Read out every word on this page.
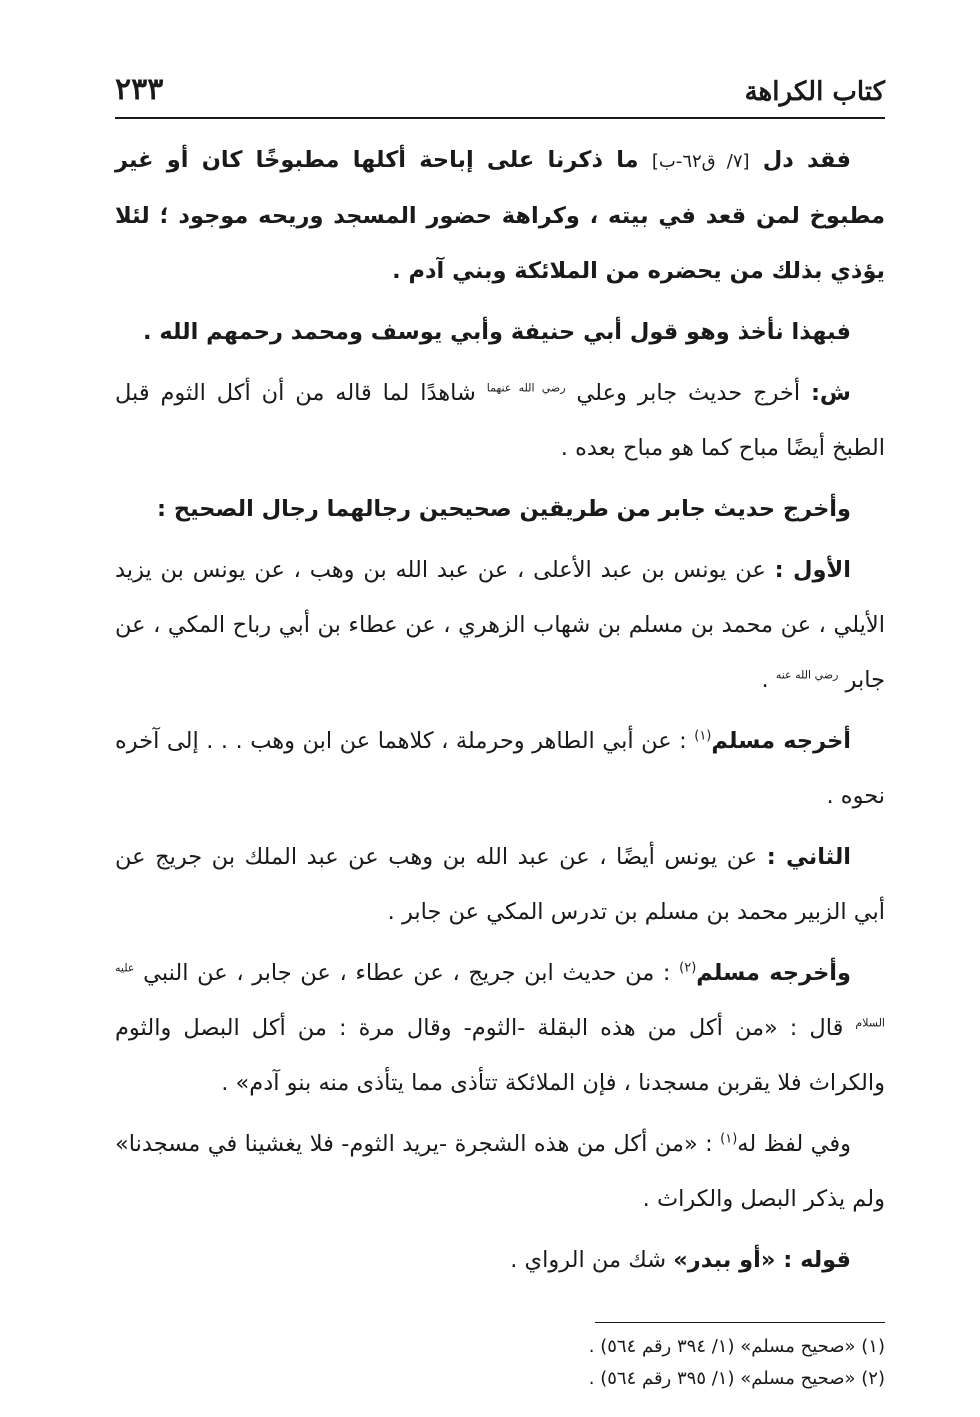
كتاب الكراهة
٢٣٣

فقد دل [٧/ ق٦٢-ب] ما ذكرنا على إباحة أكلها مطبوخًا كان أو غير مطبوخ لمن قعد في بيته ، وكراهة حضور المسجد وريحه موجود ؛ لئلا يؤذي بذلك من يحضره من الملائكة وبني آدم .

فبهذا نأخذ وهو قول أبي حنيفة وأبي يوسف ومحمد رحمهم الله .

ش: أخرج حديث جابر وعلي $^{رضي الله عنهما}$ شاهدًا لما قاله من أن أكل الثوم قبل الطبخ أيضًا مباح كما هو مباح بعده .

وأخرج حديث جابر من طريقين صحيحين رجالهما رجال الصحيح :

الأول : عن يونس بن عبد الأعلى ، عن عبد الله بن وهب ، عن يونس بن يزيد الأيلي ، عن محمد بن مسلم بن شهاب الزهري ، عن عطاء بن أبي رباح المكي ، عن جابر $^{رضي الله عنه}$ .

أخرجه مسلم$^{(١)}$ : عن أبي الطاهر وحرملة ، كلاهما عن ابن وهب . . . إلى آخره نحوه .

الثاني : عن يونس أيضًا ، عن عبد الله بن وهب عن عبد الملك بن جريج عن أبي الزبير محمد بن مسلم بن تدرس المكي عن جابر .

وأخرجه مسلم$^{(٢)}$ : من حديث ابن جريج ، عن عطاء ، عن جابر ، عن النبي $^{عليه السلام}$ قال : «من أكل من هذه البقلة -الثوم- وقال مرة : من أكل البصل والثوم والكراث فلا يقربن مسجدنا ، فإن الملائكة تتأذى مما يتأذى منه بنو آدم» .

وفي لفظ له$^{(١)}$ : «من أكل من هذه الشجرة -يريد الثوم- فلا يغشينا في مسجدنا» ولم يذكر البصل والكراث .

قوله : «أو ببدر» شك من الرواي .

(١) «صحيح مسلم» (١/ ٣٩٤ رقم ٥٦٤) .

(٢) «صحيح مسلم» (١/ ٣٩٥ رقم ٥٦٤) .
